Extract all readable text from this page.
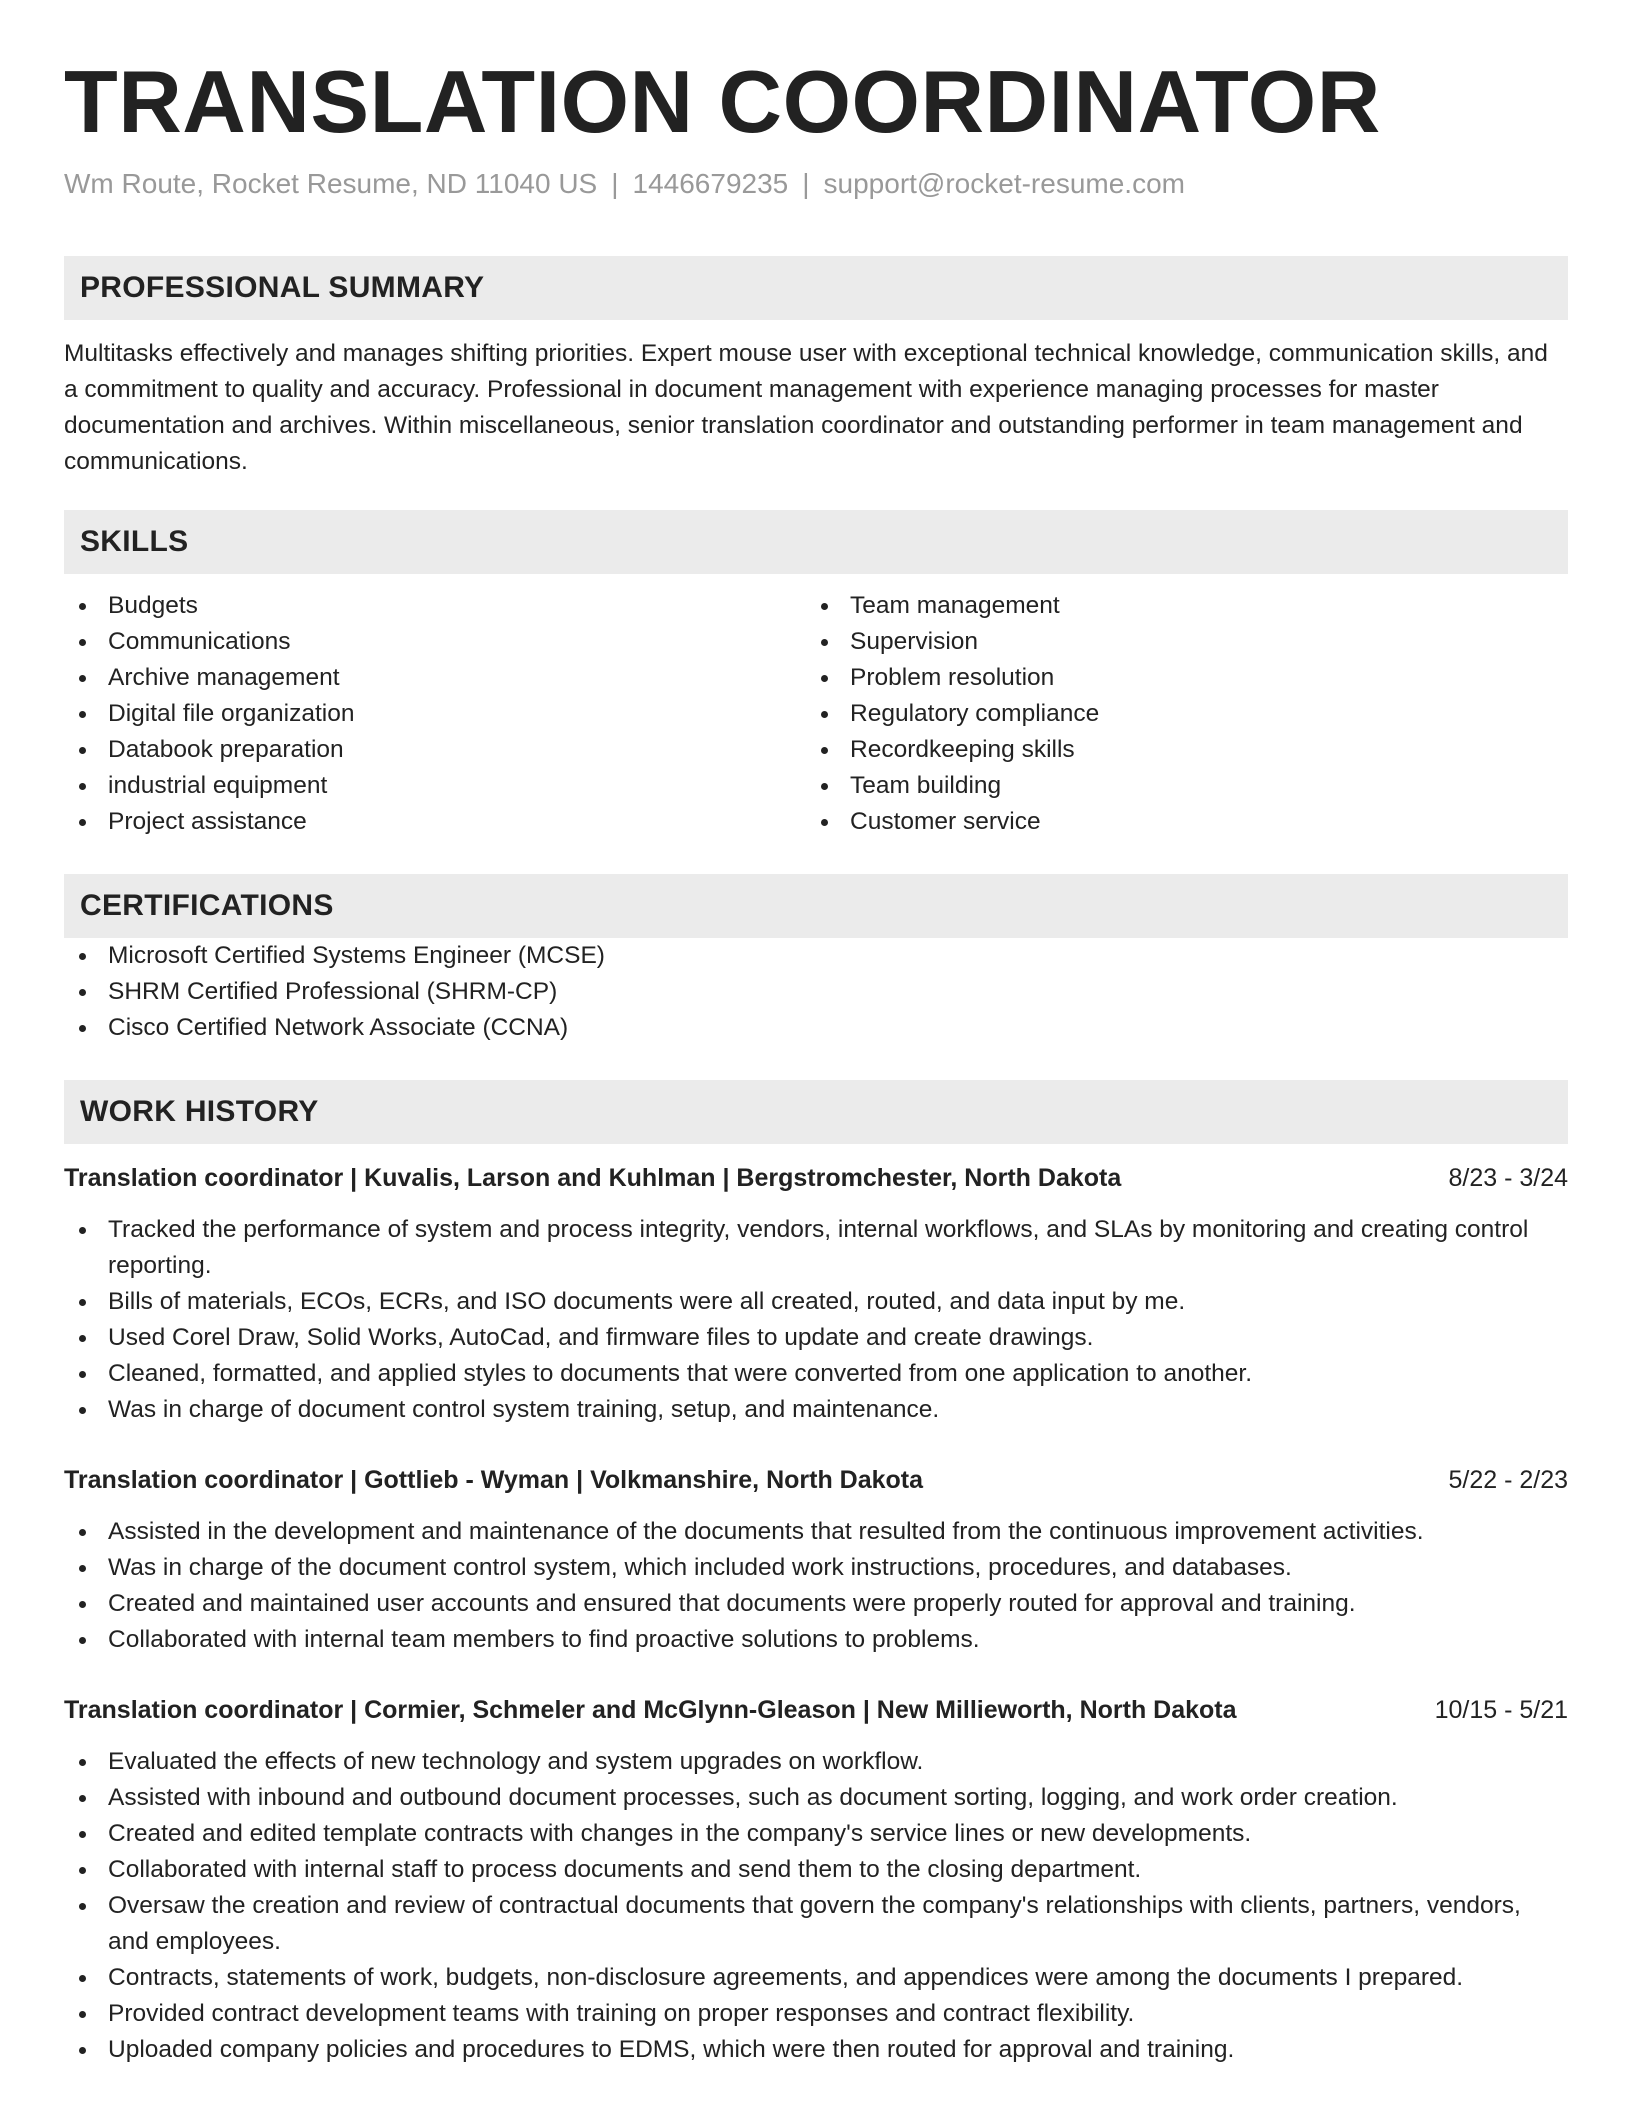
TRANSLATION COORDINATOR
Wm Route, Rocket Resume, ND 11040 US | 1446679235 | support@rocket-resume.com
PROFESSIONAL SUMMARY
Multitasks effectively and manages shifting priorities. Expert mouse user with exceptional technical knowledge, communication skills, and a commitment to quality and accuracy. Professional in document management with experience managing processes for master documentation and archives. Within miscellaneous, senior translation coordinator and outstanding performer in team management and communications.
SKILLS
Budgets
Communications
Archive management
Digital file organization
Databook preparation
industrial equipment
Project assistance
Team management
Supervision
Problem resolution
Regulatory compliance
Recordkeeping skills
Team building
Customer service
CERTIFICATIONS
Microsoft Certified Systems Engineer (MCSE)
SHRM Certified Professional (SHRM-CP)
Cisco Certified Network Associate (CCNA)
WORK HISTORY
Translation coordinator | Kuvalis, Larson and Kuhlman | Bergstromchester, North Dakota	8/23 - 3/24
Tracked the performance of system and process integrity, vendors, internal workflows, and SLAs by monitoring and creating control reporting.
Bills of materials, ECOs, ECRs, and ISO documents were all created, routed, and data input by me.
Used Corel Draw, Solid Works, AutoCad, and firmware files to update and create drawings.
Cleaned, formatted, and applied styles to documents that were converted from one application to another.
Was in charge of document control system training, setup, and maintenance.
Translation coordinator | Gottlieb - Wyman | Volkmanshire, North Dakota	5/22 - 2/23
Assisted in the development and maintenance of the documents that resulted from the continuous improvement activities.
Was in charge of the document control system, which included work instructions, procedures, and databases.
Created and maintained user accounts and ensured that documents were properly routed for approval and training.
Collaborated with internal team members to find proactive solutions to problems.
Translation coordinator | Cormier, Schmeler and McGlynn-Gleason | New Millieworth, North Dakota	10/15 - 5/21
Evaluated the effects of new technology and system upgrades on workflow.
Assisted with inbound and outbound document processes, such as document sorting, logging, and work order creation.
Created and edited template contracts with changes in the company's service lines or new developments.
Collaborated with internal staff to process documents and send them to the closing department.
Oversaw the creation and review of contractual documents that govern the company's relationships with clients, partners, vendors, and employees.
Contracts, statements of work, budgets, non-disclosure agreements, and appendices were among the documents I prepared.
Provided contract development teams with training on proper responses and contract flexibility.
Uploaded company policies and procedures to EDMS, which were then routed for approval and training.
